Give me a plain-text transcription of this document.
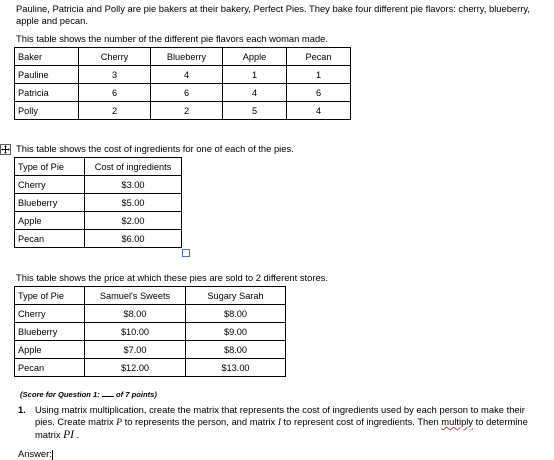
Pauline, Patricia and Polly are pie bakers at their bakery, Perfect Pies. They bake four different pie flavors: cherry, blueberry, apple and pecan.

This table shows the number of the different pie flavors each woman made.
Baker	Cherry	Blueberry	Apple	Pecan
Pauline	3	4	1	1
Patricia	6	6	4	6
Polly	2	2	5	4
This table shows the cost of ingredients for one of each of the pies.
Type of Pie	Cost of ingredients
Cherry	$3.00
Blueberry	$5.00
Apple	$2.00
Pecan	$6.00
This table shows the price at which these pies are sold to 2 different stores.
Type of Pie	Samuel's Sweets	Sugary Sarah
Cherry	$8.00	$8.00
Blueberry	$10.00	$9.00
Apple	$7.00	$8.00
Pecan	$12.00	$13.00
(Score for Question 1:  of 7 points)
1. Using matrix multiplication, create the matrix that represents the cost of ingredients used by each person to make their pies. Create matrix P to represents the person, and matrix I to represent cost of ingredients. Then multiply to determine matrix PI .
Answer:
